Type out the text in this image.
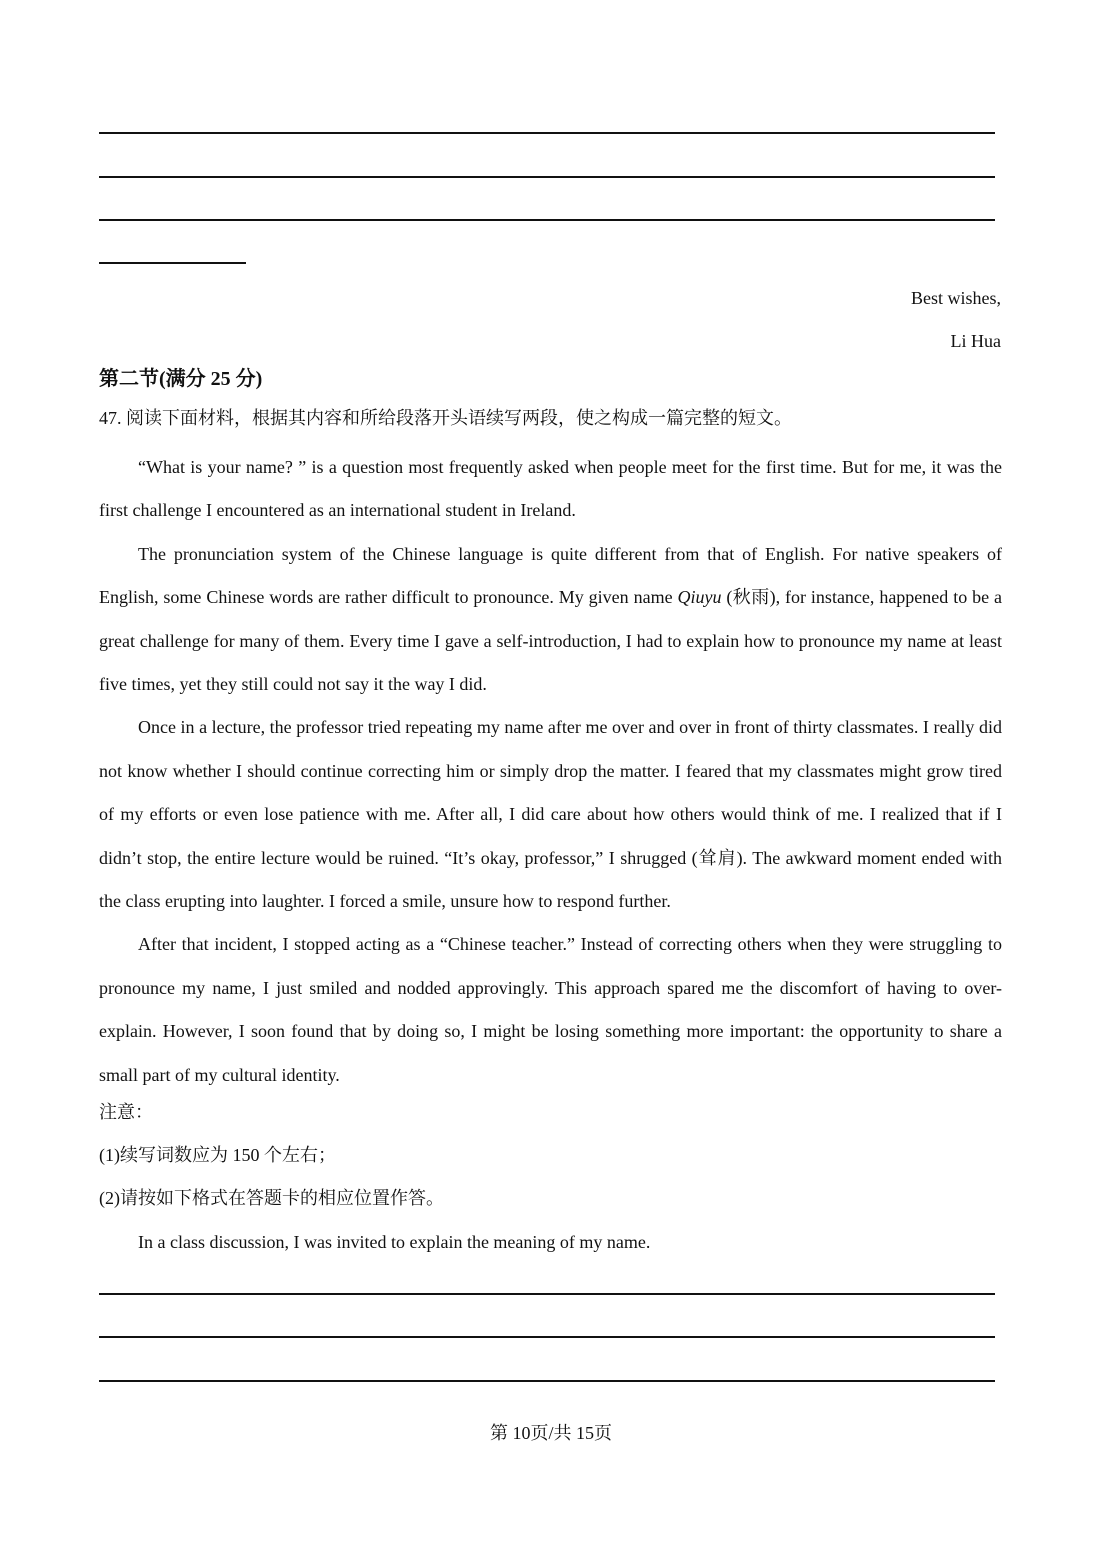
Best wishes,
Li Hua
第二节(满分 25 分)
47. 阅读下面材料，根据其内容和所给段落开头语续写两段，使之构成一篇完整的短文。

“What is your name? ” is a question most frequently asked when people meet for the first time. But for me, it was the first challenge I encountered as an international student in Ireland.

The pronunciation system of the Chinese language is quite different from that of English. For native speakers of English, some Chinese words are rather difficult to pronounce. My given name Qiuyu (秋雨), for instance, happened to be a great challenge for many of them. Every time I gave a self-introduction, I had to explain how to pronounce my name at least five times, yet they still could not say it the way I did.

Once in a lecture, the professor tried repeating my name after me over and over in front of thirty classmates. I really did not know whether I should continue correcting him or simply drop the matter. I feared that my classmates might grow tired of my efforts or even lose patience with me. After all, I did care about how others would think of me. I realized that if I didn’t stop, the entire lecture would be ruined. “It’s okay, professor,” I shrugged (耸肩). The awkward moment ended with the class erupting into laughter. I forced a smile, unsure how to respond further.

After that incident, I stopped acting as a “Chinese teacher.” Instead of correcting others when they were struggling to pronounce my name, I just smiled and nodded approvingly. This approach spared me the discomfort of having to over-explain. However, I soon found that by doing so, I might be losing something more important: the opportunity to share a small part of my cultural identity.

注意：
(1)续写词数应为 150 个左右；
(2)请按如下格式在答题卡的相应位置作答。
In a class discussion, I was invited to explain the meaning of my name.
第 10页/共 15页
